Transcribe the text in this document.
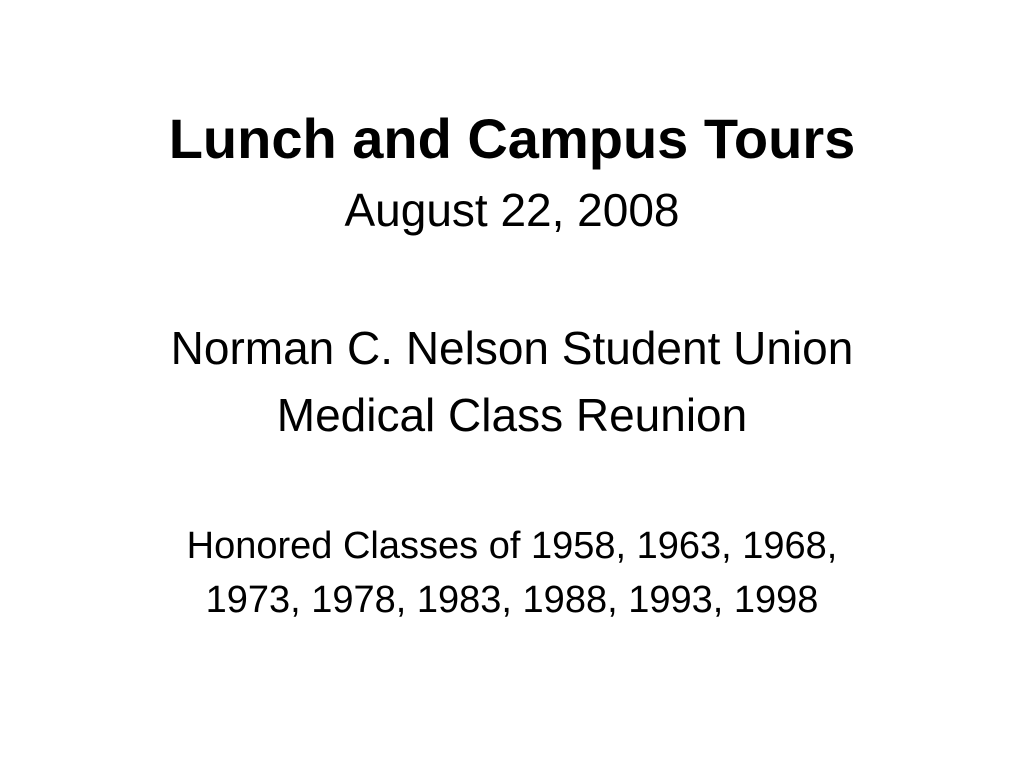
Lunch and Campus Tours
August 22, 2008
Norman C. Nelson Student Union
Medical Class Reunion
Honored Classes of 1958, 1963, 1968,
1973, 1978, 1983, 1988, 1993, 1998
